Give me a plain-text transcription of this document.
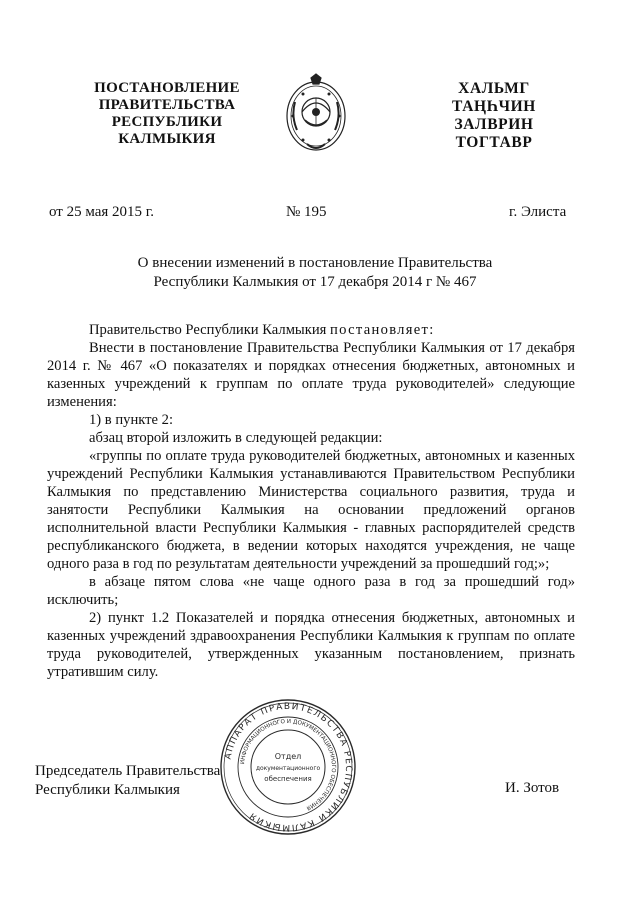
ПОСТАНОВЛЕНИЕ
ПРАВИТЕЛЬСТВА
РЕСПУБЛИКИ
КАЛМЫКИЯ
ХАЛЬМГ
ТАҢҺЧИН
ЗАЛВРИН
ТОГТАВР
от 25 мая 2015 г.	№ 195	г. Элиста
О внесении изменений в постановление Правительства
Республики Калмыкия от 17 декабря 2014 г № 467

Правительство Республики Калмыкия постановляет:

Внести в постановление Правительства Республики Калмыкия от 17 декабря 2014 г. № 467 «О показателях и порядках отнесения бюджетных, автономных и казенных учреждений к группам по оплате труда руководителей» следующие изменения:

1) в пункте 2:

абзац второй изложить в следующей редакции:

«группы по оплате труда руководителей бюджетных, автономных и казенных учреждений Республики Калмыкия устанавливаются Правительством Республики Калмыкия по представлению Министерства социального развития, труда и занятости Республики Калмыкия на основании предложений органов исполнительной власти Республики Калмыкия - главных распорядителей средств республиканского бюджета, в ведении которых находятся учреждения, не чаще одного раза в год по результатам деятельности учреждений за прошедший год;»;

в абзаце пятом слова «не чаще одного раза в год за прошедший год» исключить;

2) пункт 1.2 Показателей и порядка отнесения бюджетных, автономных и казенных учреждений здравоохранения Республики Калмыкия к группам по оплате труда руководителей, утвержденных указанным постановлением, признать утратившим силу.

Председатель Правительства
Республики Калмыкия
АППАРАТ ПРАВИТЕЛЬСТВА РЕСПУБЛИКИ КАЛМЫКИЯ
ИНФОРМАЦИОННОГО И ДОКУМЕНТАЦИОННОГО ОБЕСПЕЧЕНИЯ
Отдел
документационного
обеспечения
И. Зотов
